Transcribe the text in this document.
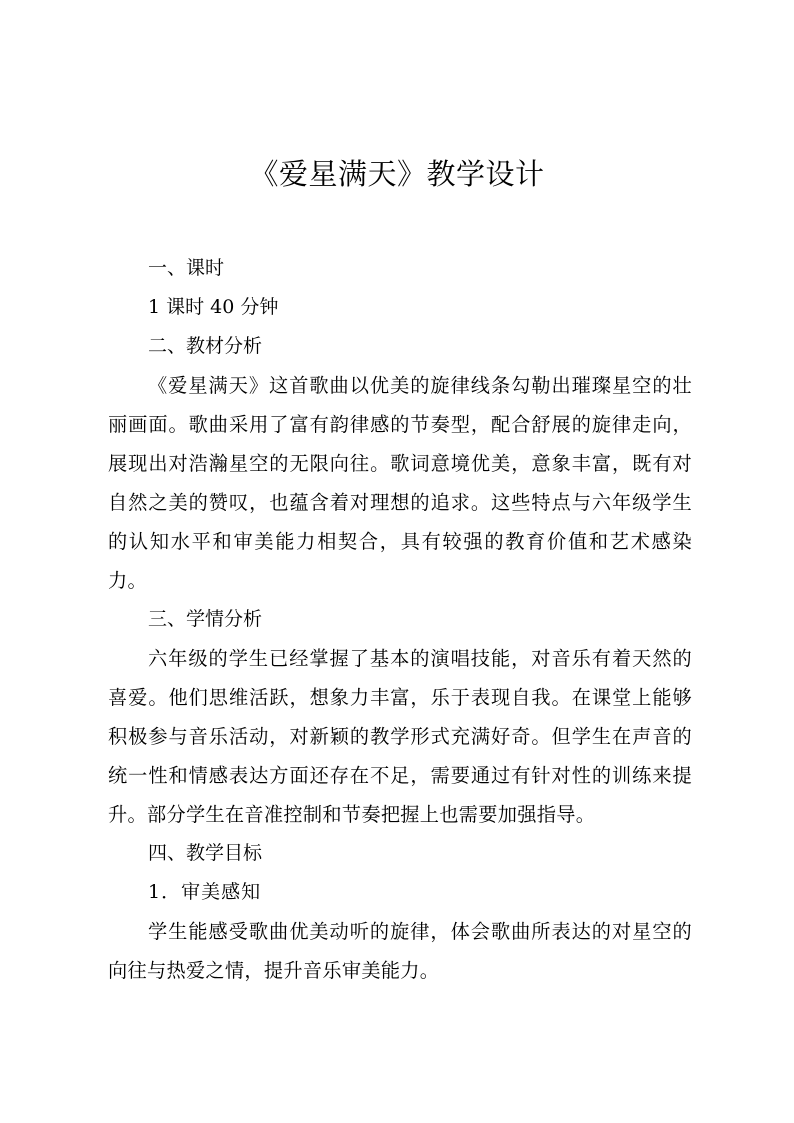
《爱星满天》教学设计

一、课时

1 课时 40 分钟

二、教材分析

《爱星满天》这首歌曲以优美的旋律线条勾勒出璀璨星空的壮丽画面。歌曲采用了富有韵律感的节奏型，配合舒展的旋律走向，展现出对浩瀚星空的无限向往。歌词意境优美，意象丰富，既有对自然之美的赞叹，也蕴含着对理想的追求。这些特点与六年级学生的认知水平和审美能力相契合，具有较强的教育价值和艺术感染力。

三、学情分析

六年级的学生已经掌握了基本的演唱技能，对音乐有着天然的喜爱。他们思维活跃，想象力丰富，乐于表现自我。在课堂上能够积极参与音乐活动，对新颖的教学形式充满好奇。但学生在声音的统一性和情感表达方面还存在不足，需要通过有针对性的训练来提升。部分学生在音准控制和节奏把握上也需要加强指导。

四、教学目标

1．审美感知

学生能感受歌曲优美动听的旋律，体会歌曲所表达的对星空的向往与热爱之情，提升音乐审美能力。
